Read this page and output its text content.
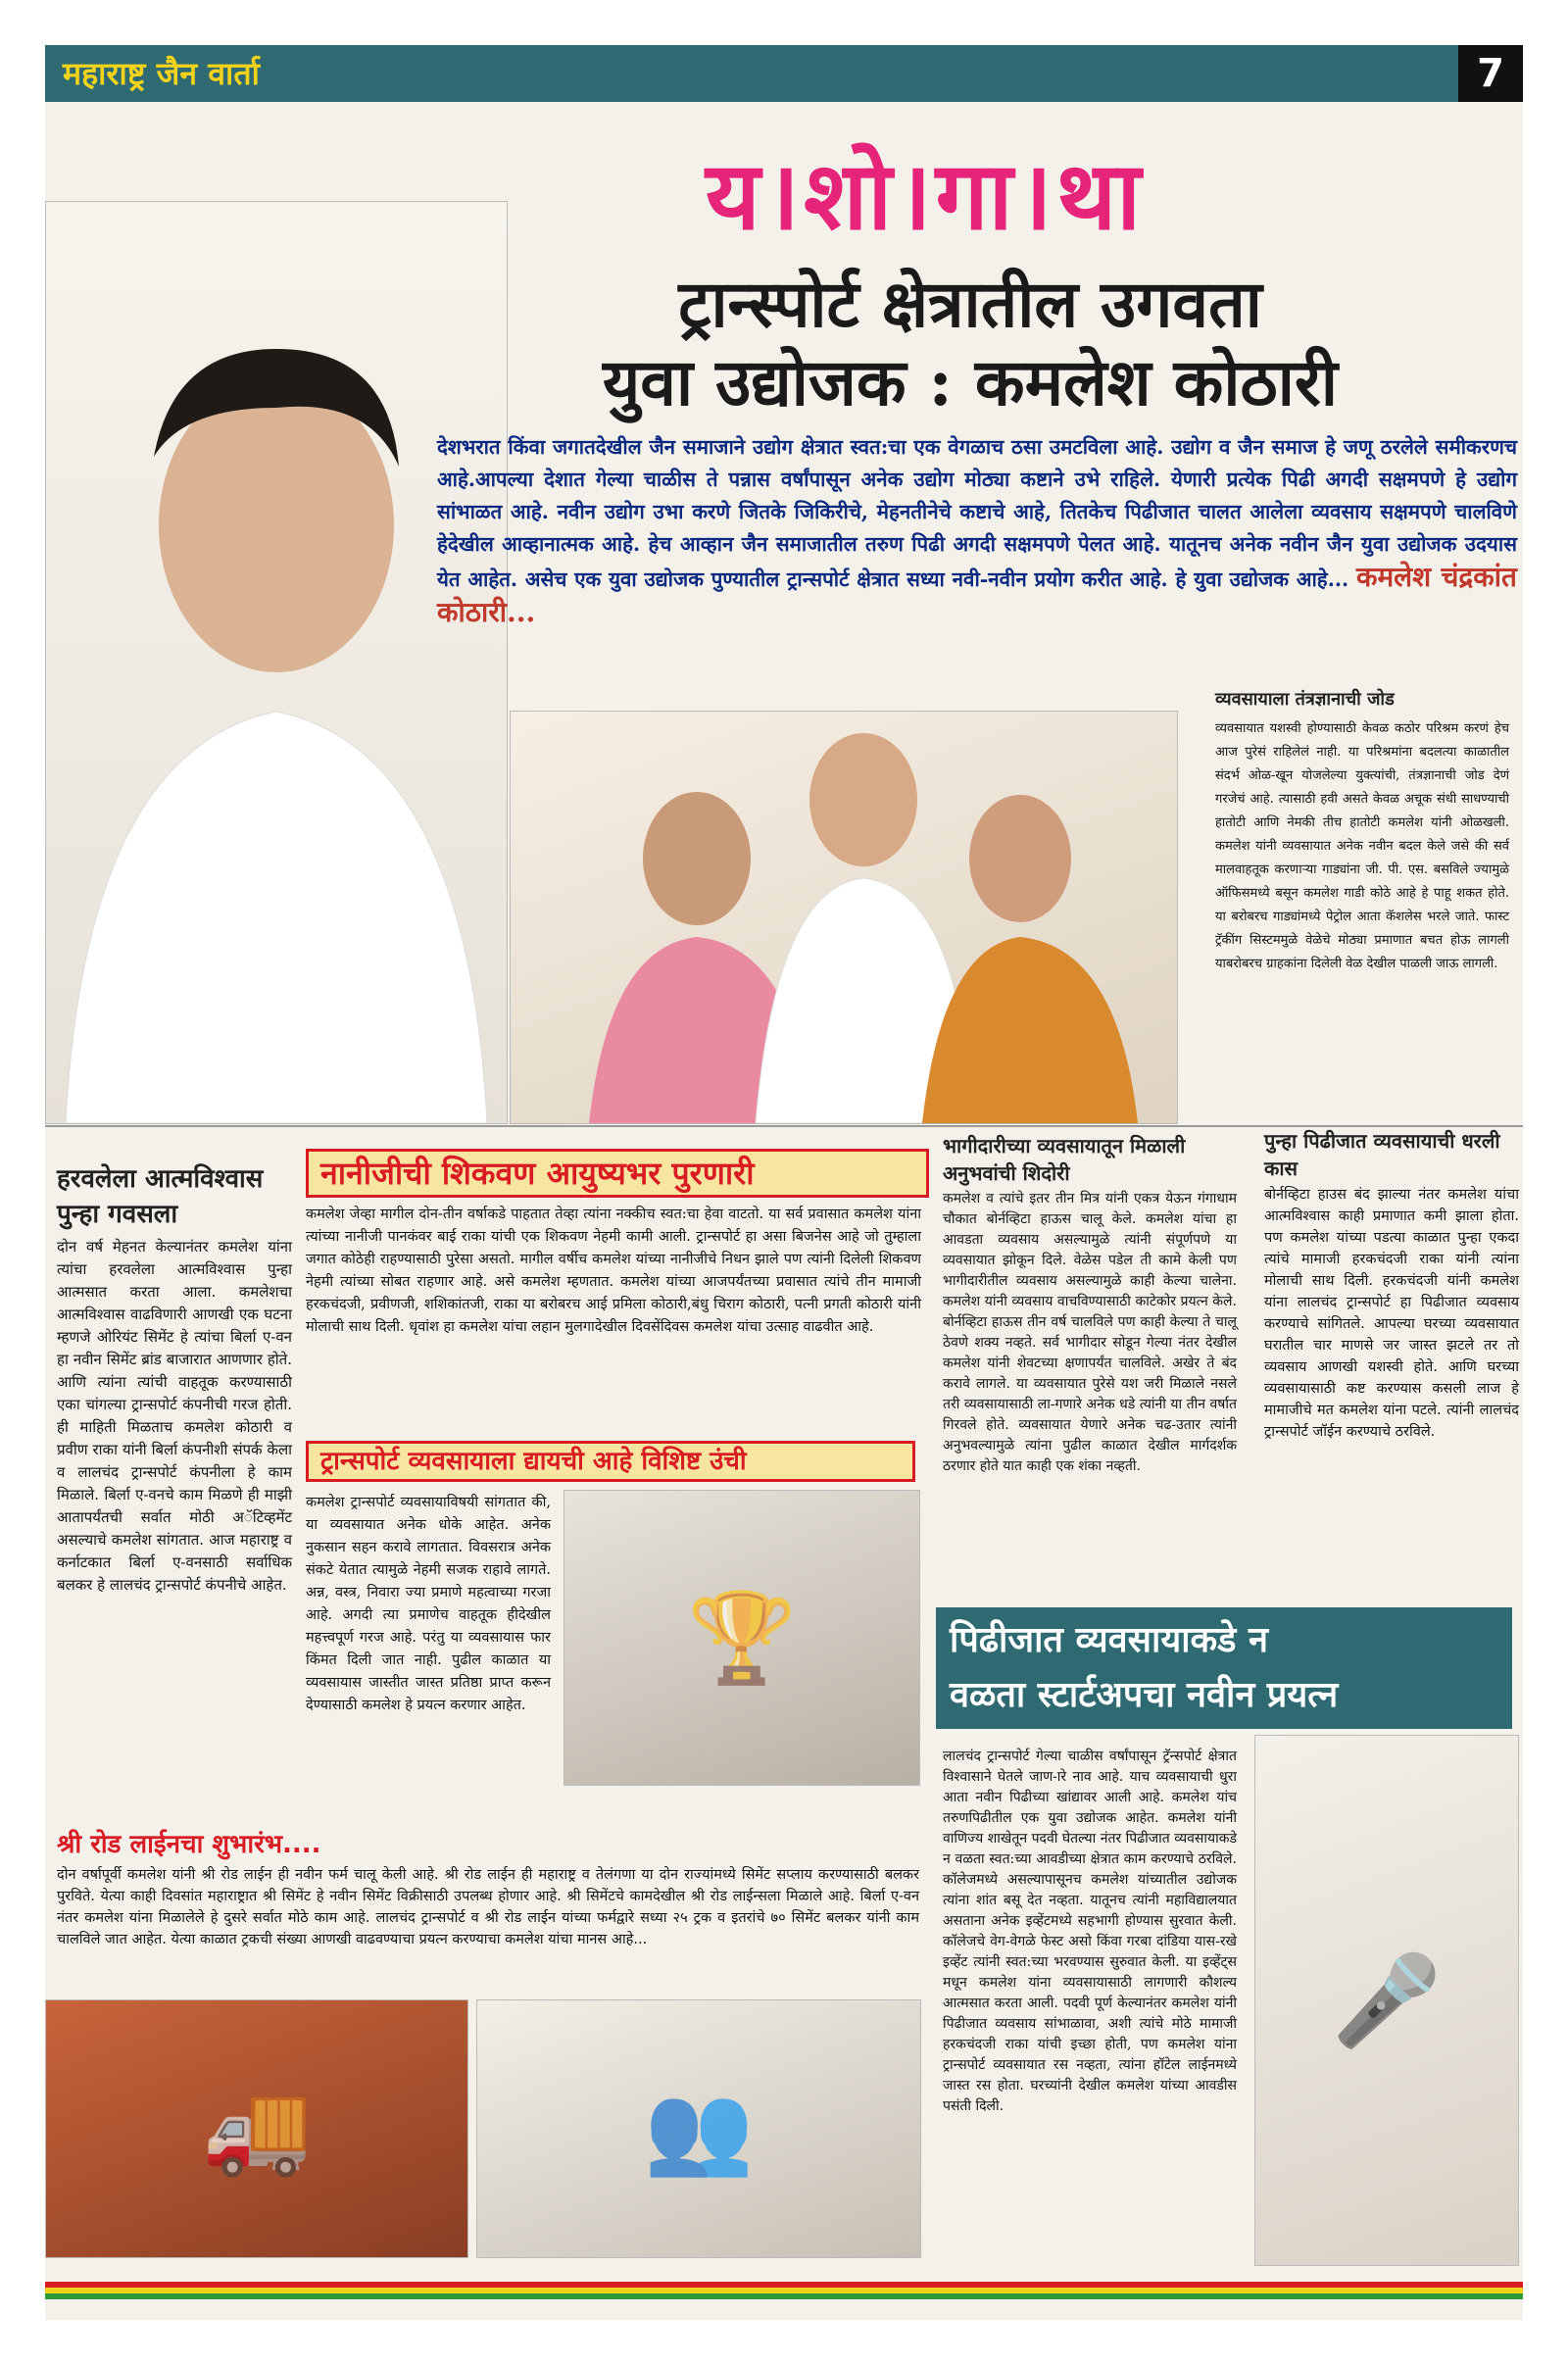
महाराष्ट्र जैन वार्ता	7
य।शो।गा।था
ट्रान्स्पोर्ट क्षेत्रातील उगवता
युवा उद्योजक : कमलेश कोठारी
देशभरात किंवा जगातदेखील जैन समाजाने उद्योग क्षेत्रात स्वत:चा एक वेगळाच ठसा उमटविला आहे. उद्योग व जैन समाज हे जणू ठरलेले समीकरणच आहे.आपल्या देशात गेल्या चाळीस ते पन्नास वर्षांपासून अनेक उद्योग मोठ्या कष्टाने उभे राहिले. येणारी प्रत्येक पिढी अगदी सक्षमपणे हे उद्योग सांभाळत आहे. नवीन उद्योग उभा करणे जितके जिकिरीचे, मेहनतीनेचे कष्टाचे आहे, तितकेच पिढीजात चालत आलेला व्यवसाय सक्षमपणे चालविणे हेदेखील आव्हानात्मक आहे. हेच आव्हान जैन समाजातील तरुण पिढी अगदी सक्षमपणे पेलत आहे. यातूनच अनेक नवीन जैन युवा उद्योजक उदयास येत आहेत. असेच एक युवा उद्योजक पुण्यातील ट्रान्सपोर्ट क्षेत्रात सध्या नवी-नवीन प्रयोग करीत आहे. हे युवा उद्योजक आहे... कमलेश चंद्रकांत कोठारी...
व्यवसायाला तंत्रज्ञानाची जोड
व्यवसायात यशस्वी होण्यासाठी केवळ कठोर परिश्रम करणं हेच आज पुरेसं राहिलेलं नाही. या परिश्रमांना बदलत्या काळातील संदर्भ ओळ-खून योजलेल्या युक्त्यांची, तंत्रज्ञानाची जोड देणं गरजेचं आहे. त्यासाठी हवी असते केवळ अचूक संधी साधण्याची हातोटी आणि नेमकी तीच हातोटी कमलेश यांनी ओळखली. कमलेश यांनी व्यवसायात अनेक नवीन बदल केले जसे की सर्व मालवाहतूक करणाऱ्या गाड्यांना जी. पी. एस. बसविले ज्यामुळे ऑफिसमध्ये बसून कमलेश गाडी कोठे आहे हे पाहू शकत होते. या बरोबरच गाड्यांमध्ये पेट्रोल आता कॅशलेस भरले जाते. फास्ट ट्रॅकींग सिस्टममुळे वेळेचे मोठ्या प्रमाणात बचत होऊ लागली याबरोबरच ग्राहकांना दिलेली वेळ देखील पाळली जाऊ लागली.
हरवलेला आत्मविश्वास पुन्हा गवसला
दोन वर्ष मेहनत केल्यानंतर कमलेश यांना त्यांचा हरवलेला आत्मविश्वास पुन्हा आत्मसात करता आला. कमलेशचा आत्मविश्वास वाढविणारी आणखी एक घटना म्हणजे ओरियंट सिमेंट हे त्यांचा बिर्ला ए-वन हा नवीन सिमेंट ब्रांड बाजारात आणणार होते. आणि त्यांना त्यांची वाहतूक करण्यासाठी एका चांगल्या ट्रान्सपोर्ट कंपनीची गरज होती. ही माहिती मिळताच कमलेश कोठारी व प्रवीण राका यांनी बिर्ला कंपनीशी संपर्क केला व लालचंद ट्रान्सपोर्ट कंपनीला हे काम मिळाले. बिर्ला ए-वनचे काम मिळणे ही माझी आतापर्यंतची सर्वात मोठी अॅटिव्हमेंट असल्याचे कमलेश सांगतात. आज महाराष्ट्र व कर्नाटकात बिर्ला ए-वनसाठी सर्वाधिक बलकर हे लालचंद ट्रान्सपोर्ट कंपनीचे आहेत.
नानीजीची शिकवण आयुष्यभर पुरणारी
कमलेश जेव्हा मागील दोन-तीन वर्षाकडे पाहतात तेव्हा त्यांना नक्कीच स्वत:चा हेवा वाटतो. या सर्व प्रवासात कमलेश यांना त्यांच्या नानीजी पानकंवर बाई राका यांची एक शिकवण नेहमी कामी आली. ट्रान्सपोर्ट हा असा बिजनेस आहे जो तुम्हाला जगात कोठेही राहण्यासाठी पुरेसा असतो. मागील वर्षीच कमलेश यांच्या नानीजीचे निधन झाले पण त्यांनी दिलेली शिकवण नेहमी त्यांच्या सोबत राहणार आहे. असे कमलेश म्हणतात. कमलेश यांच्या आजपर्यंतच्या प्रवासात त्यांचे तीन मामाजी हरकचंदजी, प्रवीणजी, शशिकांतजी, राका या बरोबरच आई प्रमिला कोठारी,बंधु चिराग कोठारी, पत्नी प्रगती कोठारी यांनी मोलाची साथ दिली. धृवांश हा कमलेश यांचा लहान मुलगादेखील दिवसेंदिवस कमलेश यांचा उत्साह वाढवीत आहे.
भागीदारीच्या व्यवसायातून मिळाली अनुभवांची शिदोरी
कमलेश व त्यांचे इतर तीन मित्र यांनी एकत्र येऊन गंगाधाम चौकात बोर्नव्हिटा हाऊस चालू केले. कमलेश यांचा हा आवडता व्यवसाय असल्यामुळे त्यांनी संपूर्णपणे या व्यवसायात झोकून दिले. वेळेस पडेल ती कामे केली पण भागीदारीतील व्यवसाय असल्यामुळे काही केल्या चालेना. कमलेश यांनी व्यवसाय वाचविण्यासाठी काटेकोर प्रयत्न केले. बोर्नव्हिटा हाऊस तीन वर्ष चालविले पण काही केल्या ते चालू ठेवणे शक्य नव्हते. सर्व भागीदार सोडून गेल्या नंतर देखील कमलेश यांनी शेवटच्या क्षणापर्यंत चालविले. अखेर ते बंद करावे लागले. या व्यवसायात पुरेसे यश जरी मिळाले नसले तरी व्यवसायासाठी ला-गणारे अनेक धडे त्यांनी या तीन वर्षात गिरवले होते. व्यवसायात येणारे अनेक चढ-उतार त्यांनी अनुभवल्यामुळे त्यांना पुढील काळात देखील मार्गदर्शक ठरणार होते यात काही एक शंका नव्हती.
पुन्हा पिढीजात व्यवसायाची धरली कास
बोर्नव्हिटा हाउस बंद झाल्या नंतर कमलेश यांचा आत्मविश्वास काही प्रमाणात कमी झाला होता. पण कमलेश यांच्या पडत्या काळात पुन्हा एकदा त्यांचे मामाजी हरकचंदजी राका यांनी त्यांना मोलाची साथ दिली. हरकचंदजी यांनी कमलेश यांना लालचंद ट्रान्सपोर्ट हा पिढीजात व्यवसाय करण्याचे सांगितले. आपल्या घरच्या व्यवसायात घरातील चार माणसे जर जास्त झटले तर तो व्यवसाय आणखी यशस्वी होते. आणि घरच्या व्यवसायासाठी कष्ट करण्यास कसली लाज हे मामाजीचे मत कमलेश यांना पटले. त्यांनी लालचंद ट्रान्सपोर्ट जॉईन करण्याचे ठरविले.
ट्रान्सपोर्ट व्यवसायाला द्यायची आहे विशिष्ट उंची
कमलेश ट्रान्सपोर्ट व्यवसायाविषयी सांगतात की, या व्यवसायात अनेक धोके आहेत. अनेक नुकसान सहन करावे लागतात. विवसरात्र अनेक संकटे येतात त्यामुळे नेहमी सजक राहावे लागते. अन्न, वस्त्र, निवारा ज्या प्रमाणे महत्वाच्या गरजा आहे. अगदी त्या प्रमाणेच वाहतूक हीदेखील महत्त्वपूर्ण गरज आहे. परंतु या व्यवसायास फार किंमत दिली जात नाही. पुढील काळात या व्यवसायास जास्तीत जास्त प्रतिष्ठा प्राप्त करून देण्यासाठी कमलेश हे प्रयत्न करणार आहेत.
🏆	पिढीजात व्यवसायाकडे न
वळता स्टार्टअपचा नवीन प्रयत्न
लालचंद ट्रान्सपोर्ट गेल्या चाळीस वर्षांपासून ट्रॅन्सपोर्ट क्षेत्रात विश्वासाने घेतले जाण-ारे नाव आहे. याच व्यवसायाची धुरा आता नवीन पिढीच्या खांद्यावर आली आहे. कमलेश यांच तरुणपिढीतील एक युवा उद्योजक आहेत. कमलेश यांनी वाणिज्य शाखेतून पदवी घेतल्या नंतर पिढीजात व्यवसायाकडे न वळता स्वत:च्या आवडीच्या क्षेत्रात काम करण्याचे ठरविले. कॉलेजमध्ये असल्यापासूनच कमलेश यांच्यातील उद्योजक त्यांना शांत बसू देत नव्हता. यातूनच त्यांनी महाविद्यालयात असताना अनेक इव्हेंटमध्ये सहभागी होण्यास सुरवात केली. कॉलेजचे वेग-वेगळे फेस्ट असो किंवा गरबा दांडिया यास-रखे इव्हेंट त्यांनी स्वत:च्या भरवण्यास सुरुवात केली. या इव्हेंट्स मधून कमलेश यांना व्यवसायासाठी लागणारी कौशल्य आत्मसात करता आली. पदवी पूर्ण केल्यानंतर कमलेश यांनी पिढीजात व्यवसाय सांभाळावा, अशी त्यांचे मोठे मामाजी हरकचंदजी राका यांची इच्छा होती, पण कमलेश यांना ट्रान्सपोर्ट व्यवसायात रस नव्हता, त्यांना हॉटेल लाईनमध्ये जास्त रस होता. घरच्यांनी देखील कमलेश यांच्या आवडीस पसंती दिली.
🎤
श्री रोड लाईनचा शुभारंभ....
दोन वर्षापूर्वी कमलेश यांनी श्री रोड लाईन ही नवीन फर्म चालू केली आहे. श्री रोड लाईन ही महाराष्ट्र व तेलंगणा या दोन राज्यांमध्ये सिमेंट सप्लाय करण्यासाठी बलकर पुरविते. येत्या काही दिवसांत महाराष्ट्रात श्री सिमेंट हे नवीन सिमेंट विक्रीसाठी उपलब्ध होणार आहे. श्री सिमेंटचे कामदेखील श्री रोड लाईन्सला मिळाले आहे. बिर्ला ए-वन नंतर कमलेश यांना मिळालेले हे दुसरे सर्वात मोठे काम आहे. लालचंद ट्रान्सपोर्ट व श्री रोड लाईन यांच्या फर्मद्वारे सध्या २५ ट्रक व इतरांचे ७० सिमेंट बलकर यांनी काम चालविले जात आहेत. येत्या काळात ट्रकची संख्या आणखी वाढवण्याचा प्रयत्न करण्याचा कमलेश यांचा मानस आहे...
🚚	👥
